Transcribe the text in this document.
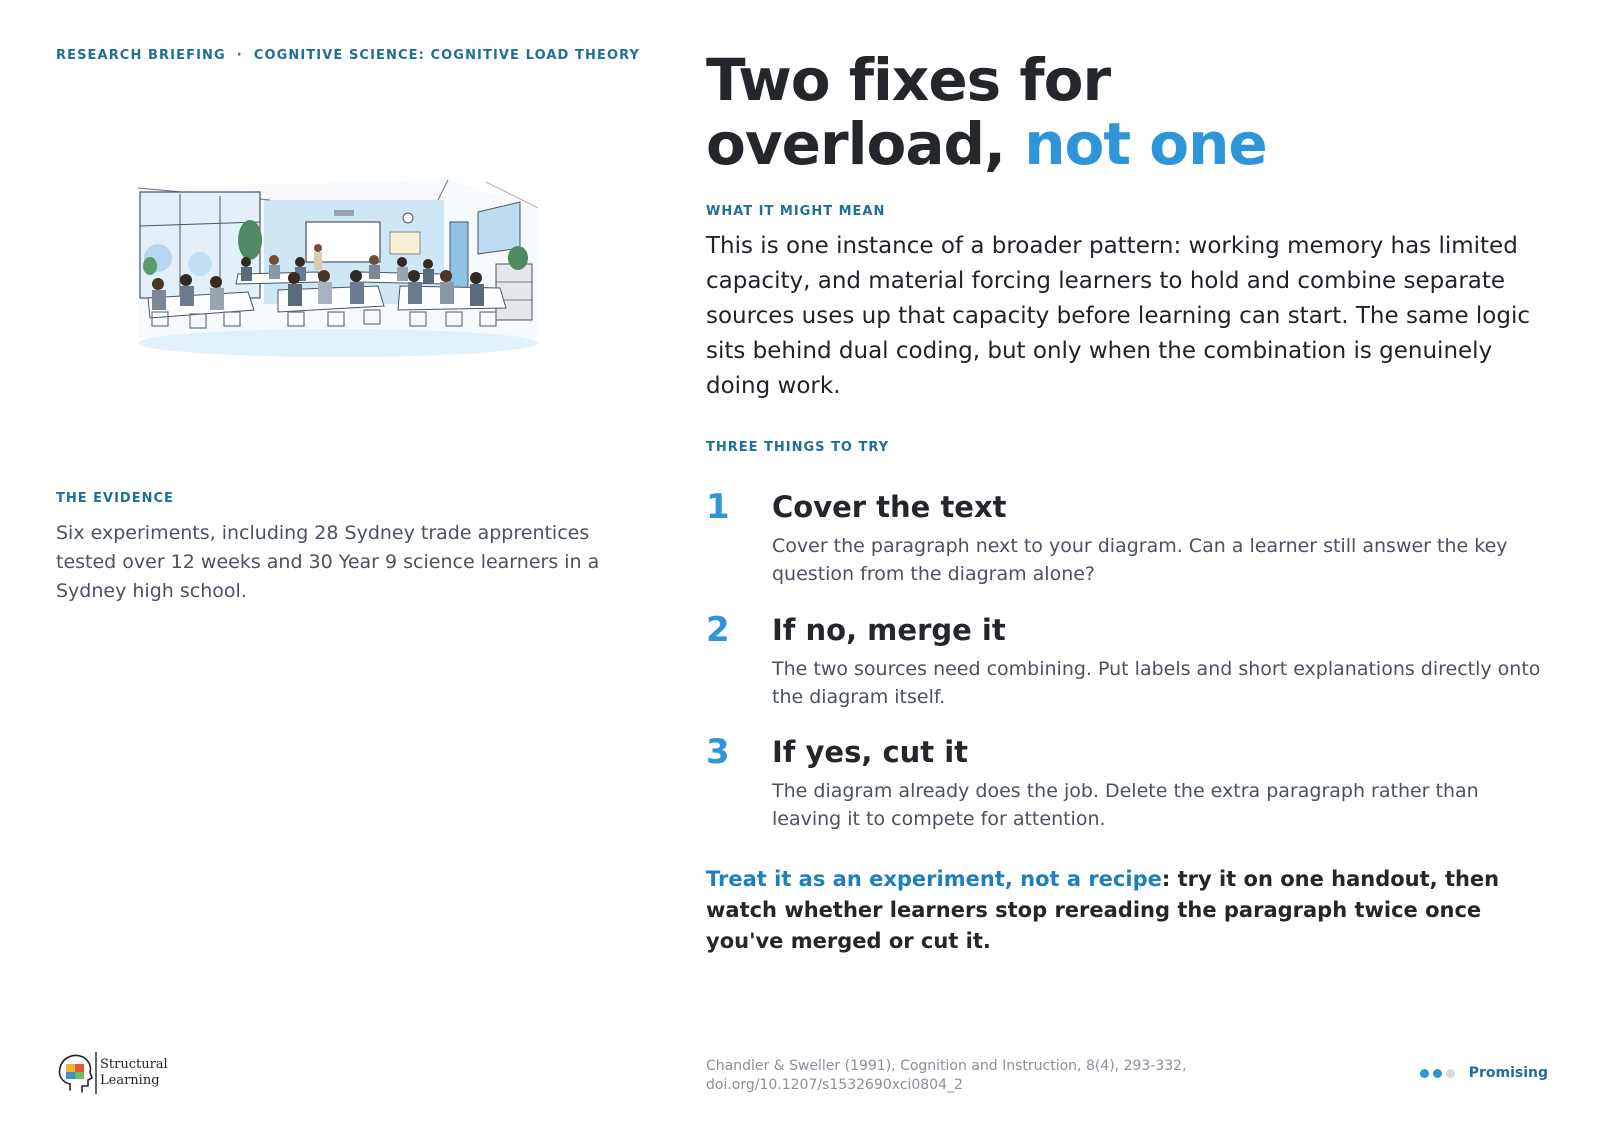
RESEARCH BRIEFING · COGNITIVE SCIENCE: COGNITIVE LOAD THEORY
THE EVIDENCE
Six experiments, including 28 Sydney trade apprentices tested over 12 weeks and 30 Year 9 science learners in a Sydney high school.
Two fixes for
overload, not one
WHAT IT MIGHT MEAN
This is one instance of a broader pattern: working memory has limited capacity, and material forcing learners to hold and combine separate sources uses up that capacity before learning can start. The same logic sits behind dual coding, but only when the combination is genuinely doing work.
THREE THINGS TO TRY
1 Cover the text
Cover the paragraph next to your diagram. Can a learner still answer the key question from the diagram alone?
2 If no, merge it
The two sources need combining. Put labels and short explanations directly onto the diagram itself.
3 If yes, cut it
The diagram already does the job. Delete the extra paragraph rather than leaving it to compete for attention.
Treat it as an experiment, not a recipe: try it on one handout, then watch whether learners stop rereading the paragraph twice once you've merged or cut it.
Structural
Learning
Chandler & Sweller (1991), Cognition and Instruction, 8(4), 293-332,
doi.org/10.1207/s1532690xci0804_2
Promising
